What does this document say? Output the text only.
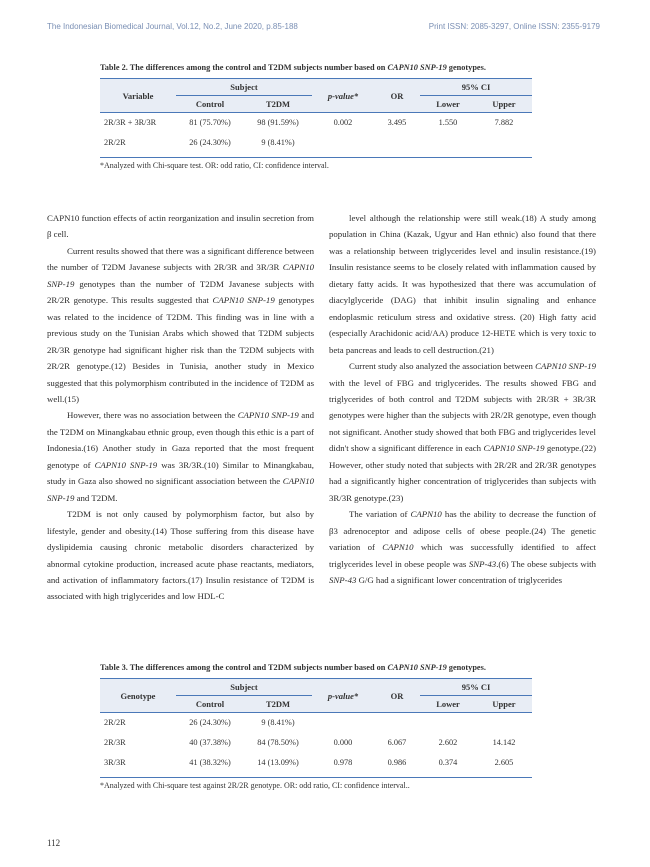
The Indonesian Biomedical Journal, Vol.12, No.2, June 2020, p.85-188	Print ISSN: 2085-3297, Online ISSN: 2355-9179
Table 2. The differences among the control and T2DM subjects number based on CAPN10 SNP-19 genotypes.
Variable	Subject		p-value*	OR	95% CI	
	Control	T2DM			Lower	Upper
2R/3R + 3R/3R	81 (75.70%)	98 (91.59%)	0.002	3.495	1.550	7.882
2R/2R	26 (24.30%)	9 (8.41%)				
*Analyzed with Chi-square test. OR: odd ratio, CI: confidence interval.

CAPN10 function effects of actin reorganization and insulin secretion from β cell.

Current results showed that there was a significant difference between the number of T2DM Javanese subjects with 2R/3R and 3R/3R CAPN10 SNP-19 genotypes than the number of T2DM Javanese subjects with 2R/2R genotype. This results suggested that CAPN10 SNP-19 genotypes was related to the incidence of T2DM. This finding was in line with a previous study on the Tunisian Arabs which showed that T2DM subjects 2R/3R genotype had significant higher risk than the T2DM subjects with 2R/2R genotype.(12) Besides in Tunisia, another study in Mexico suggested that this polymorphism contributed in the incidence of T2DM as well.(15)

However, there was no association between the CAPN10 SNP-19 and the T2DM on Minangkabau ethnic group, even though this ethic is a part of Indonesia.(16) Another study in Gaza reported that the most frequent genotype of CAPN10 SNP-19 was 3R/3R.(10) Similar to Minangkabau, study in Gaza also showed no significant association between the CAPN10 SNP-19 and T2DM.

T2DM is not only caused by polymorphism factor, but also by lifestyle, gender and obesity.(14) Those suffering from this disease have dyslipidemia causing chronic metabolic disorders characterized by abnormal cytokine production, increased acute phase reactants, mediators, and activation of inflammatory factors.(17) Insulin resistance of T2DM is associated with high triglycerides and low HDL-C

level although the relationship were still weak.(18) A study among population in China (Kazak, Ugyur and Han ethnic) also found that there was a relationship between triglycerides level and insulin resistance.(19) Insulin resistance seems to be closely related with inflammation caused by dietary fatty acids. It was hypothesized that there was accumulation of diacylglyceride (DAG) that inhibit insulin signaling and enhance endoplasmic reticulum stress and oxidative stress. (20) High fatty acid (especially Arachidonic acid/AA) produce 12-HETE which is very toxic to beta pancreas and leads to cell destruction.(21)

Current study also analyzed the association between CAPN10 SNP-19 with the level of FBG and triglycerides. The results showed FBG and triglycerides of both control and T2DM subjects with 2R/3R + 3R/3R genotypes were higher than the subjects with 2R/2R genotype, even though not significant. Another study showed that both FBG and triglycerides level didn't show a significant difference in each CAPN10 SNP-19 genotype.(22) However, other study noted that subjects with 2R/2R and 2R/3R genotypes had a significantly higher concentration of triglycerides than subjects with 3R/3R genotype.(23)

The variation of CAPN10 has the ability to decrease the function of β3 adrenoceptor and adipose cells of obese people.(24) The genetic variation of CAPN10 which was successfully identified to affect triglycerides level in obese people was SNP-43.(6) The obese subjects with SNP-43 G/G had a significant lower concentration of triglycerides

Table 3. The differences among the control and T2DM subjects number based on CAPN10 SNP-19 genotypes.
Genotype	Subject		p-value*	OR	95% CI	
	Control	T2DM			Lower	Upper
2R/2R	26 (24.30%)	9 (8.41%)				
2R/3R	40 (37.38%)	84 (78.50%)	0.000	6.067	2.602	14.142
3R/3R	41 (38.32%)	14 (13.09%)	0.978	0.986	0.374	2.605
*Analyzed with Chi-square test against 2R/2R genotype. OR: odd ratio, CI: confidence interval..
112
